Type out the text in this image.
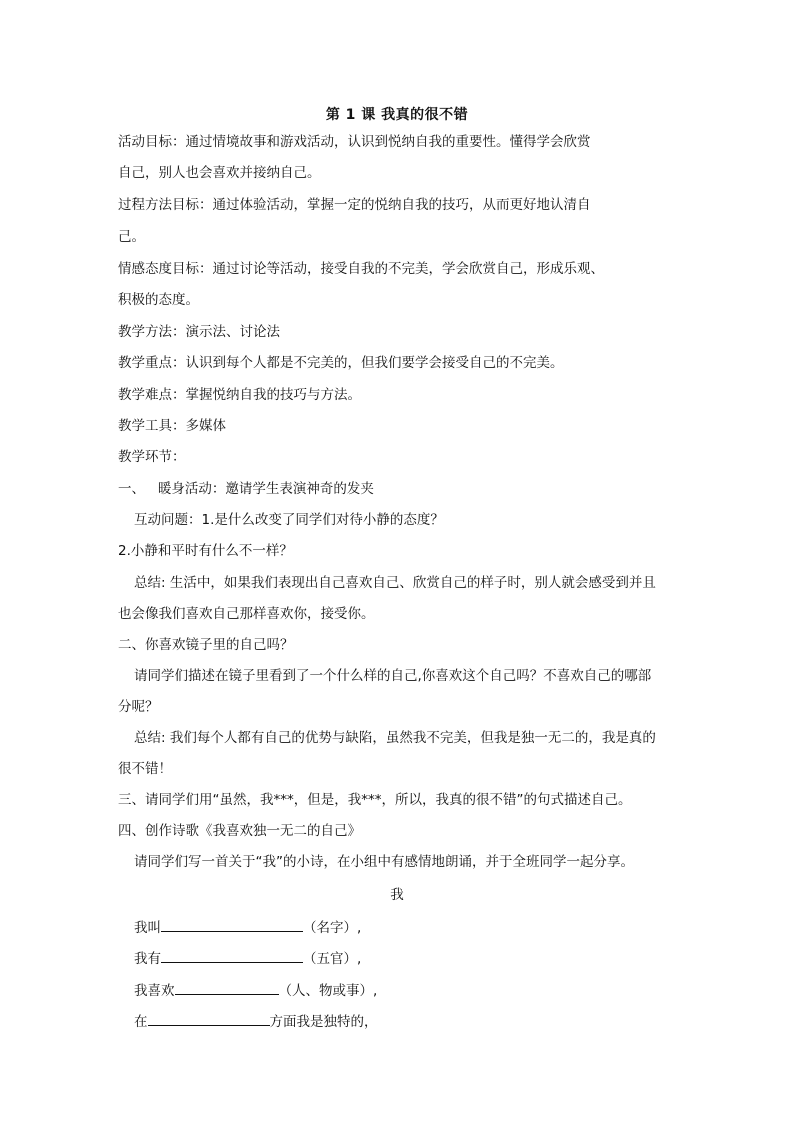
第 1 课 我真的很不错
活动目标：通过情境故事和游戏活动，认识到悦纳自我的重要性。懂得学会欣赏
自己，别人也会喜欢并接纳自己。
过程方法目标：通过体验活动，掌握一定的悦纳自我的技巧，从而更好地认清自
己。
情感态度目标：通过讨论等活动，接受自我的不完美，学会欣赏自己，形成乐观、
积极的态度。
教学方法：演示法、讨论法
教学重点：认识到每个人都是不完美的，但我们要学会接受自己的不完美。
教学难点：掌握悦纳自我的技巧与方法。
教学工具：多媒体
教学环节：
一、   暖身活动：邀请学生表演神奇的发夹
互动问题：1.是什么改变了同学们对待小静的态度？
2.小静和平时有什么不一样？
总结: 生活中，如果我们表现出自己喜欢自己、欣赏自己的样子时，别人就会感受到并且
也会像我们喜欢自己那样喜欢你，接受你。
二、你喜欢镜子里的自己吗？
请同学们描述在镜子里看到了一个什么样的自己,你喜欢这个自己吗？不喜欢自己的哪部
分呢？
总结: 我们每个人都有自己的优势与缺陷，虽然我不完美，但我是独一无二的，我是真的
很不错！
三、请同学们用“虽然，我***，但是，我***，所以，我真的很不错”的句式描述自己。
四、创作诗歌《我喜欢独一无二的自己》
请同学们写一首关于“我”的小诗，在小组中有感情地朗诵，并于全班同学一起分享。
我
我叫	（名字）,
我有	（五官）,
我喜欢	（人、物或事）,
在	方面我是独特的，
